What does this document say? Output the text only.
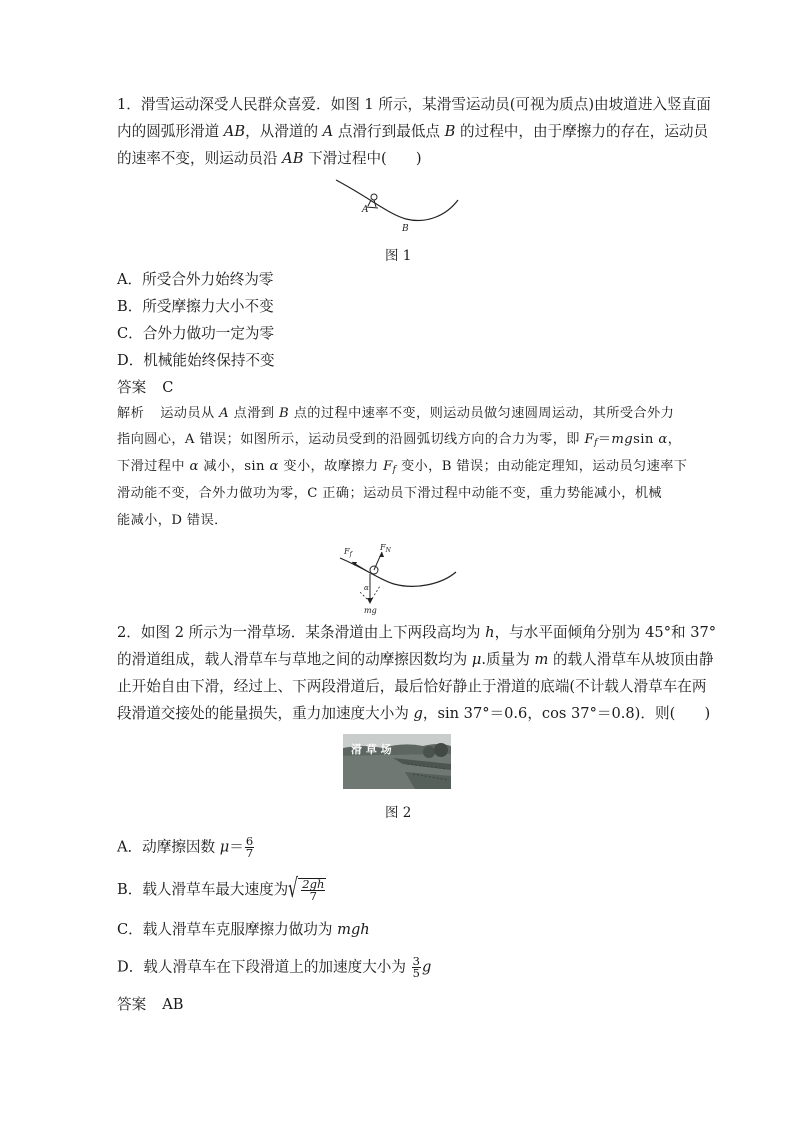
1．滑雪运动深受人民群众喜爱．如图 1 所示，某滑雪运动员(可视为质点)由坡道进入竖直面
内的圆弧形滑道 AB，从滑道的 A 点滑行到最低点 B 的过程中，由于摩擦力的存在，运动员
的速率不变，则运动员沿 AB 下滑过程中(　　)
A
B
图 1
A．所受合外力始终为零
B．所受摩擦力大小不变
C．合外力做功一定为零
D．机械能始终保持不变
答案 C
解析 运动员从 A 点滑到 B 点的过程中速率不变，则运动员做匀速圆周运动，其所受合外力
指向圆心，A 错误；如图所示，运动员受到的沿圆弧切线方向的合力为零，即 $F_f=mgsin$ α，
下滑过程中 α 减小，sin α 变小，故摩擦力 $F_f$ 变小，B 错误；由动能定理知，运动员匀速率下
滑动能不变，合外力做功为零，C 正确；运动员下滑过程中动能不变，重力势能减小，机械
能减小，D 错误．
$F_f$
$F_N$
α
mg
2．如图 2 所示为一滑草场．某条滑道由上下两段高均为 h，与水平面倾角分别为 45°和 37°
的滑道组成，载人滑草车与草地之间的动摩擦因数均为 μ.质量为 m 的载人滑草车从坡顶由静
止开始自由下滑，经过上、下两段滑道后，最后恰好静止于滑道的底端(不计载人滑草车在两
段滑道交接处的能量损失，重力加速度大小为 g，sin 37°＝0.6，cos 37°＝0.8)．则(　　)
滑 草 场
图 2
A．动摩擦因数 $\mu= \frac{6}{7}$
B．载人滑草车最大速度为 √ $\frac{2gh}{7}$
C．载人滑草车克服摩擦力做功为 mgh
D．载人滑草车在下段滑道上的加速度大小为 $\frac{3}{5}$ g
答案 AB
